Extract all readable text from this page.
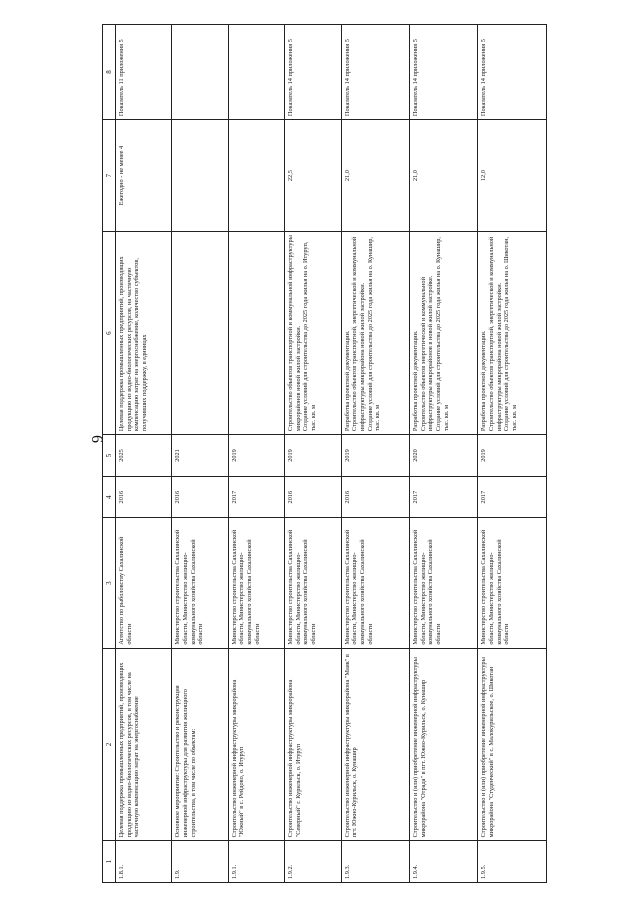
6
1	2	3	4	5	6	7	8
1.8.1.	Целевая поддержка промышленных предприятий, производящих продукцию из водно-биологических ресурсов, в том числе на частичную компенсацию затрат на энергоснабжение	Агентство по рыболовству Сахалинской области	2016	2025	Целевая поддержка промышленных предприятий, производящих продукцию из водно-биологических ресурсов, на частичную компенсацию затрат на энергоснабжение, количество субъектов, получивших поддержку, в единицах	Ежегодно - не менее 4	Показатель 11 приложения 5
1.9.	Основное мероприятие: Строительство и реконструкция инженерной инфраструктуры для развития жилищного строительства, в том числе по объектам:	Министерство строительства Сахалинской области, Министерство жилищно-коммунального хозяйства Сахалинской области	2016	2021			
1.9.1.	Строительство инженерной инфраструктуры микрорайона "Южный" в с. Рейдово, о. Итуруп	Министерство строительства Сахалинской области, Министерство жилищно-коммунального хозяйства Сахалинской области	2017	2019			
1.9.2.	Строительство инженерной инфраструктуры микрорайона "Северный" г. Курильск, о. Итуруп	Министерство строительства Сахалинской области, Министерство жилищно-коммунального хозяйства Сахалинской области	2016	2019	Строительство объектов транспортной и коммунальной инфраструктуры микрорайонов новой жилой застройки. Создание условий для строительства до 2025 года жилья на о. Итуруп, тыс. кв. м	22,5	Показатель 14 приложения 5
1.9.3.	Строительство инженерной инфраструктуры микрорайона "Маяк" в пгт. Южно-Курильск, о. Кунашир	Министерство строительства Сахалинской области, Министерство жилищно-коммунального хозяйства Сахалинской области	2016	2019	Разработка проектной документации. Строительство объектов транспортной, энергетической и коммунальной инфраструктуры микрорайона новой жилой застройки. Создание условий для строительства до 2025 года жилья на о. Кунашир, тыс. кв. м	21,0	Показатель 14 приложения 5
1.9.4.	Строительство и (или) приобретение инженерной инфраструктуры микрорайона "Отрада" в пгт. Южно-Курильск, о. Кунашир	Министерство строительства Сахалинской области, Министерство жилищно-коммунального хозяйства Сахалинской области	2017	2020	Разработка проектной документации. Строительство объектов энергетической и коммунальной инфраструктуры микрорайонов в новой жилой застройке. Создание условий для строительства до 2025 года жилья на о. Кунашир, тыс. кв. м	21,0	Показатель 14 приложения 5
1.9.5.	Строительство и (или) приобретение инженерной инфраструктуры микрорайона "Студенческий" в с. Малокурильское, о. Шикотан	Министерство строительства Сахалинской области, Министерство жилищно-коммунального хозяйства Сахалинской области	2017	2019	Разработка проектной документации. Строительство объектов транспортной, энергетической и коммунальной инфраструктуры микрорайона новой жилой застройки. Создание условий для строительства до 2025 года жилья на о. Шикотан, тыс. кв. м	12,0	Показатель 14 приложения 5
